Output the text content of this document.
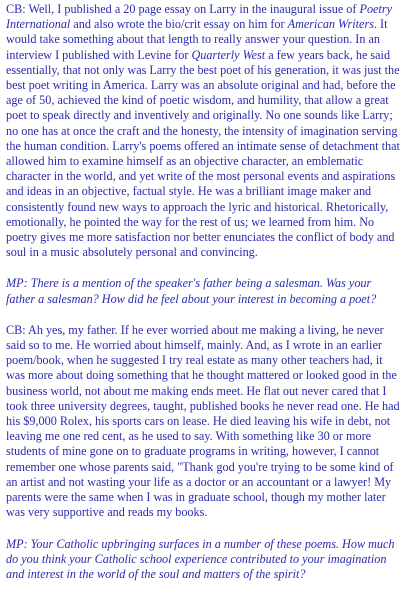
CB: Well, I published a 20 page essay on Larry in the inaugural issue of Poetry International and also wrote the bio/crit essay on him for American Writers. It would take something about that length to really answer your question. In an interview I published with Levine for Quarterly West a few years back, he said essentially, that not only was Larry the best poet of his generation, it was just the best poet writing in America. Larry was an absolute original and had, before the age of 50, achieved the kind of poetic wisdom, and humility, that allow a great poet to speak directly and inventively and originally. No one sounds like Larry; no one has at once the craft and the honesty, the intensity of imagination serving the human condition. Larry's poems offered an intimate sense of detachment that allowed him to examine himself as an objective character, an emblematic character in the world, and yet write of the most personal events and aspirations and ideas in an objective, factual style. He was a brilliant image maker and consistently found new ways to approach the lyric and historical. Rhetorically, emotionally, he pointed the way for the rest of us; we learned from him. No poetry gives me more satisfaction nor better enunciates the conflict of body and soul in a music absolutely personal and convincing.

MP: There is a mention of the speaker's father being a salesman. Was your father a salesman? How did he feel about your interest in becoming a poet?

CB: Ah yes, my father. If he ever worried about me making a living, he never said so to me. He worried about himself, mainly. And, as I wrote in an earlier poem/book, when he suggested I try real estate as many other teachers had, it was more about doing something that he thought mattered or looked good in the business world, not about me making ends meet. He flat out never cared that I took three university degrees, taught, published books he never read one. He had his $9,000 Rolex, his sports cars on lease. He died leaving his wife in debt, not leaving me one red cent, as he used to say. With something like 30 or more students of mine gone on to graduate programs in writing, however, I cannot remember one whose parents said, "Thank god you're trying to be some kind of an artist and not wasting your life as a doctor or an accountant or a lawyer! My parents were the same when I was in graduate school, though my mother later was very supportive and reads my books.

MP: Your Catholic upbringing surfaces in a number of these poems. How much do you think your Catholic school experience contributed to your imagination and interest in the world of the soul and matters of the spirit?
